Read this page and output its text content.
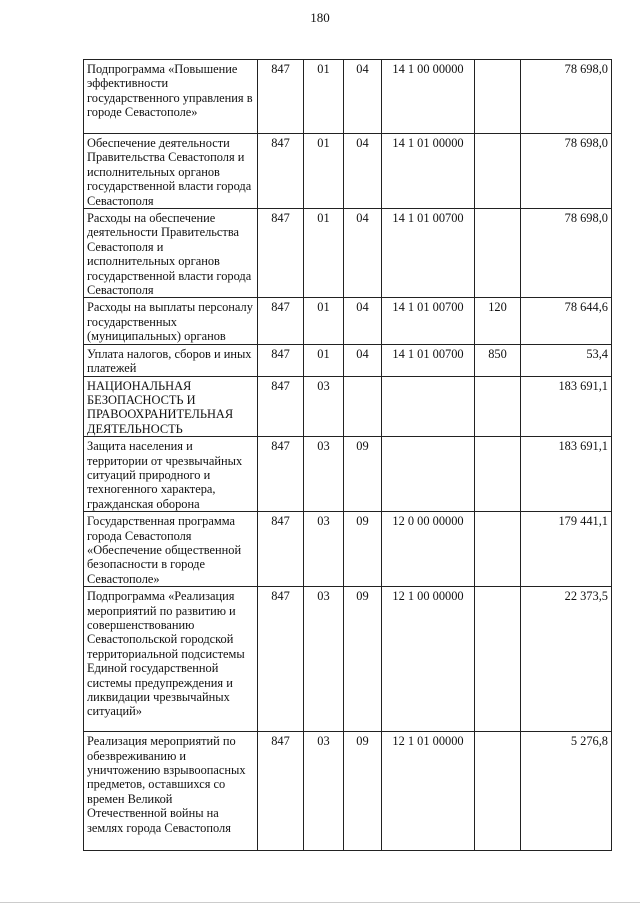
180
Подпрограмма «Повышение эффективности государственного управления в городе Севастополе»	847	01	04	14 1 00 00000		78 698,0
Обеспечение деятельности Правительства Севастополя и исполнительных органов государственной власти города Севастополя	847	01	04	14 1 01 00000		78 698,0
Расходы на обеспечение деятельности Правительства Севастополя и исполнительных органов государственной власти города Севастополя	847	01	04	14 1 01 00700		78 698,0
Расходы на выплаты персоналу государственных (муниципальных) органов	847	01	04	14 1 01 00700	120	78 644,6
Уплата налогов, сборов и иных платежей	847	01	04	14 1 01 00700	850	53,4
НАЦИОНАЛЬНАЯ БЕЗОПАСНОСТЬ И ПРАВООХРАНИТЕЛЬНАЯ ДЕЯТЕЛЬНОСТЬ	847	03				183 691,1
Защита населения и территории от чрезвычайных ситуаций природного и техногенного характера, гражданская оборона	847	03	09			183 691,1
Государственная программа города Севастополя «Обеспечение общественной безопасности в городе Севастополе»	847	03	09	12 0 00 00000		179 441,1
Подпрограмма «Реализация мероприятий по развитию и совершенствованию Севастопольской городской территориальной подсистемы Единой государственной системы предупреждения и ликвидации чрезвычайных ситуаций»	847	03	09	12 1 00 00000		22 373,5
Реализация мероприятий по обезвреживанию и уничтожению взрывоопасных предметов, оставшихся со времен Великой Отечественной войны на землях города Севастополя	847	03	09	12 1 01 00000		5 276,8
